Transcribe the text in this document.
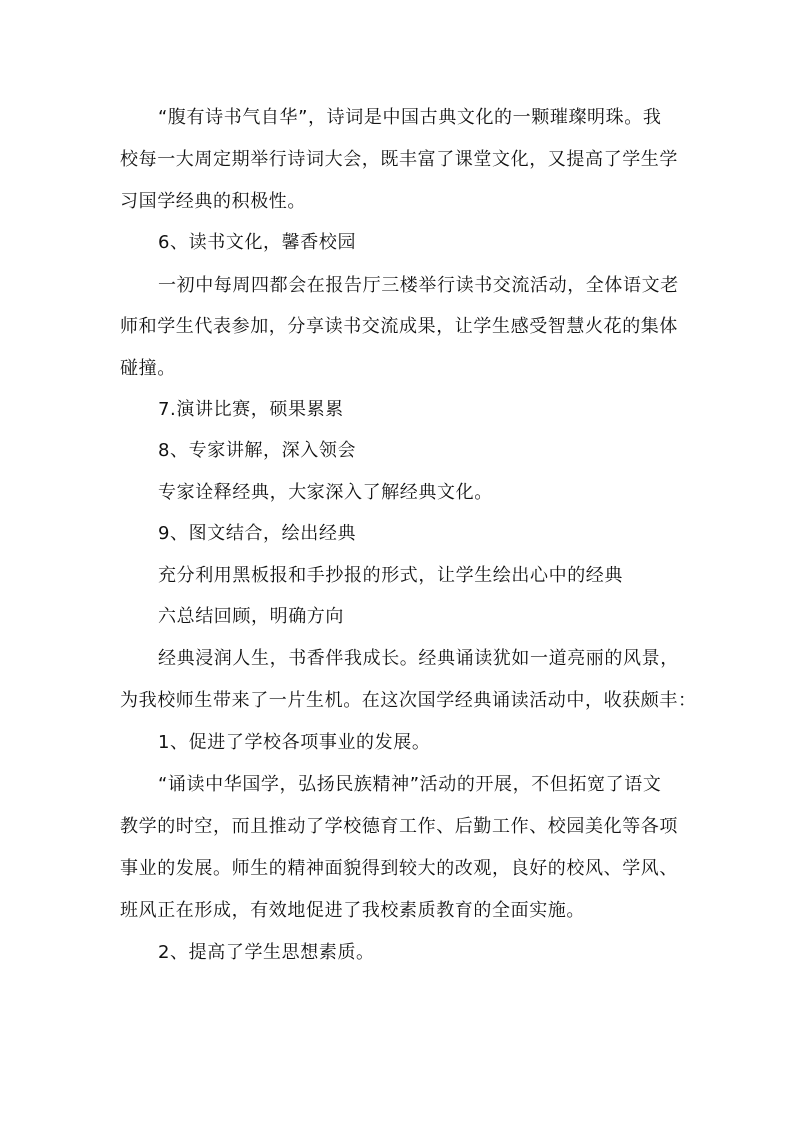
“腹有诗书气自华”，诗词是中国古典文化的一颗璀璨明珠。我
校每一大周定期举行诗词大会，既丰富了课堂文化，又提高了学生学
习国学经典的积极性。
6、读书文化，馨香校园
一初中每周四都会在报告厅三楼举行读书交流活动，全体语文老
师和学生代表参加，分享读书交流成果，让学生感受智慧火花的集体
碰撞。
7.演讲比赛，硕果累累
8、专家讲解，深入领会
专家诠释经典，大家深入了解经典文化。
9、图文结合，绘出经典
充分利用黑板报和手抄报的形式，让学生绘出心中的经典
六总结回顾，明确方向
经典浸润人生，书香伴我成长。经典诵读犹如一道亮丽的风景，
为我校师生带来了一片生机。在这次国学经典诵读活动中，收获颇丰：
1、促进了学校各项事业的发展。
“诵读中华国学，弘扬民族精神”活动的开展，不但拓宽了语文
教学的时空，而且推动了学校德育工作、后勤工作、校园美化等各项
事业的发展。师生的精神面貌得到较大的改观，良好的校风、学风、
班风正在形成，有效地促进了我校素质教育的全面实施。
2、提高了学生思想素质。
